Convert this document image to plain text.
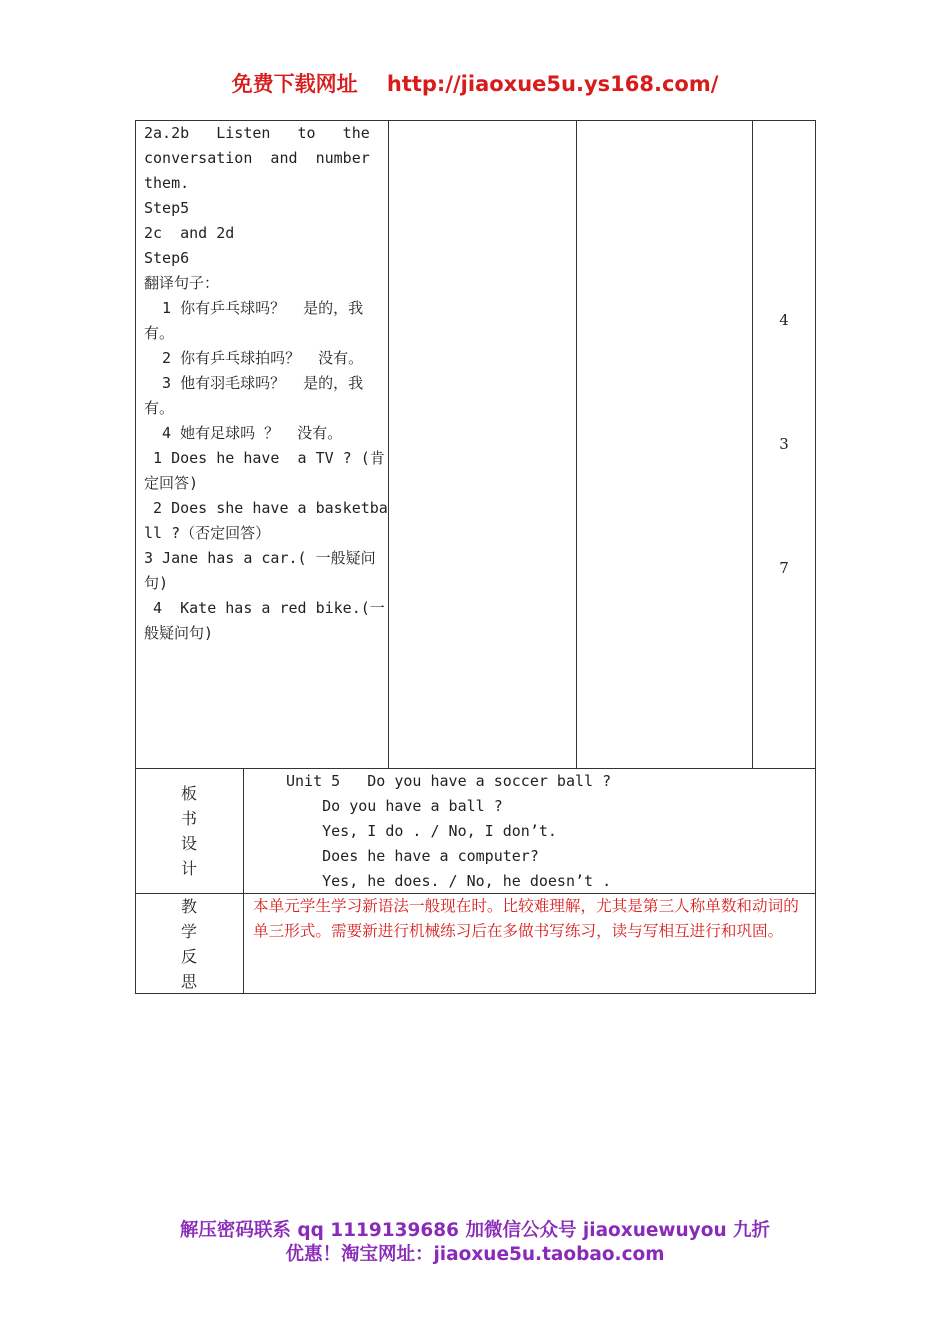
免费下载网址 http://jiaoxue5u.ys168.com/
2a.2b   Listen   to   the
conversation  and  number
them.
Step5
2c  and 2d
Step6
翻译句子：
1 你有乒乓球吗？  是的，我
有。
2 你有乒乓球拍吗？  没有。
3 他有羽毛球吗？  是的，我
有。
4 她有足球吗 ？  没有。
1 Does he have  a TV ? (肯
定回答)
2 Does she have a basketba
ll ?（否定回答）
3 Jane has a car.( 一般疑问
句)
4  Kate has a red bike.(一
般疑问句)
4
3
7
板
书
设
计
Unit 5   Do you have a soccer ball ?
Do you have a ball ?
Yes, I do . / No, I don’t.
Does he have a computer?
Yes, he does. / No, he doesn’t .
教
学
反
思
本单元学生学习新语法一般现在时。比较难理解，尤其是第三人称单数和动词的单三形式。需要新进行机械练习后在多做书写练习，读与写相互进行和巩固。
解压密码联系 qq 1119139686 加微信公众号 jiaoxuewuyou 九折
优惠！淘宝网址：jiaoxue5u.taobao.com
